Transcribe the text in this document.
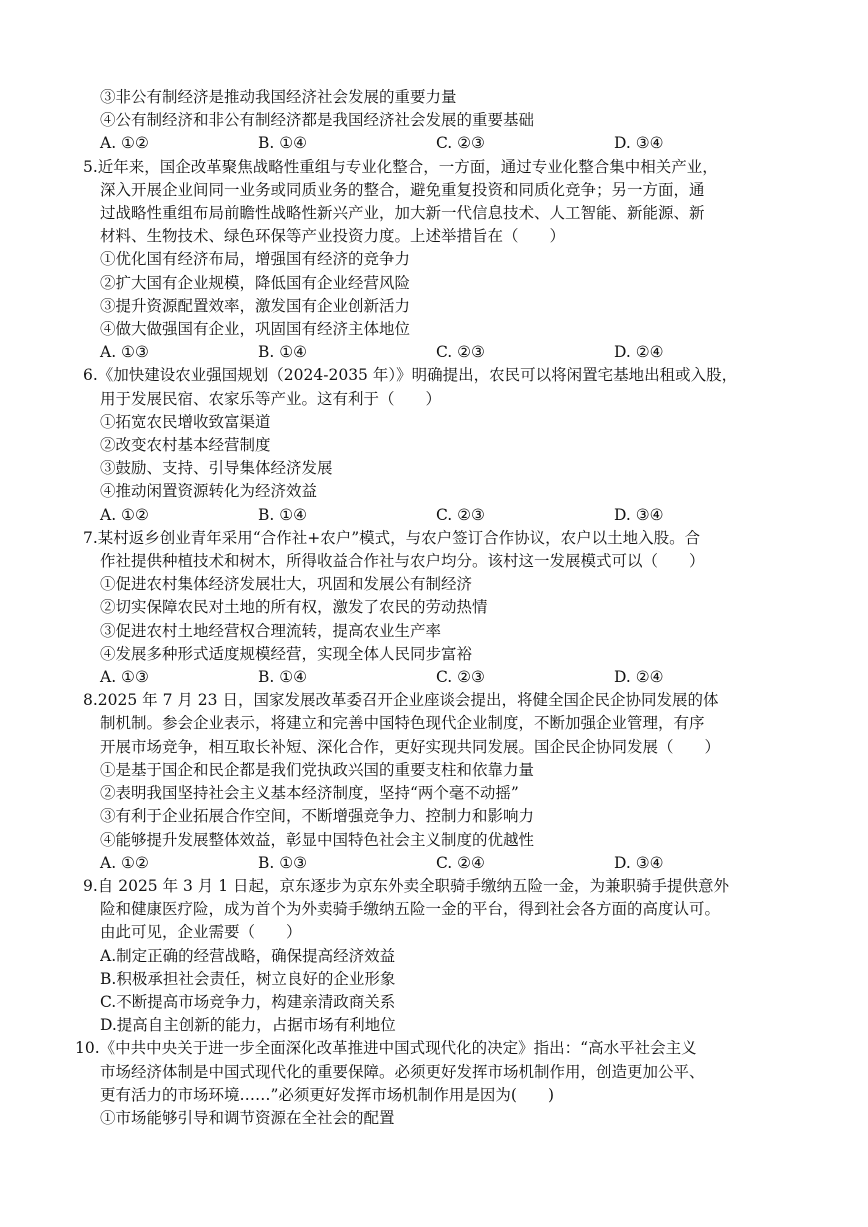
③非公有制经济是推动我国经济社会发展的重要力量
④公有制经济和非公有制经济都是我国经济社会发展的重要基础
A. ①②	B. ①④	C. ②③	D. ③④
5.近年来，国企改革聚焦战略性重组与专业化整合，一方面，通过专业化整合集中相关产业，
深入开展企业间同一业务或同质业务的整合，避免重复投资和同质化竞争；另一方面，通
过战略性重组布局前瞻性战略性新兴产业，加大新一代信息技术、人工智能、新能源、新
材料、生物技术、绿色环保等产业投资力度。上述举措旨在（　　）
①优化国有经济布局，增强国有经济的竞争力
②扩大国有企业规模，降低国有企业经营风险
③提升资源配置效率，激发国有企业创新活力
④做大做强国有企业，巩固国有经济主体地位
A. ①③	B. ①④	C. ②③	D. ②④
6.《加快建设农业强国规划（2024-2035 年）》明确提出，农民可以将闲置宅基地出租或入股，
用于发展民宿、农家乐等产业。这有利于（　　）
①拓宽农民增收致富渠道
②改变农村基本经营制度
③鼓励、支持、引导集体经济发展
④推动闲置资源转化为经济效益
A. ①②	B. ①④	C. ②③	D. ③④
7.某村返乡创业青年采用“合作社+农户”模式，与农户签订合作协议，农户以土地入股。合
作社提供种植技术和树木，所得收益合作社与农户均分。该村这一发展模式可以（　　）
①促进农村集体经济发展壮大，巩固和发展公有制经济
②切实保障农民对土地的所有权，激发了农民的劳动热情
③促进农村土地经营权合理流转，提高农业生产率
④发展多种形式适度规模经营，实现全体人民同步富裕
A. ①③	B. ①④	C. ②③	D. ②④
8.2025 年 7 月 23 日，国家发展改革委召开企业座谈会提出，将健全国企民企协同发展的体
制机制。参会企业表示，将建立和完善中国特色现代企业制度，不断加强企业管理，有序
开展市场竞争，相互取长补短、深化合作，更好实现共同发展。国企民企协同发展（　　）
①是基于国企和民企都是我们党执政兴国的重要支柱和依靠力量
②表明我国坚持社会主义基本经济制度，坚持“两个毫不动摇”
③有利于企业拓展合作空间，不断增强竞争力、控制力和影响力
④能够提升发展整体效益，彰显中国特色社会主义制度的优越性
A. ①②	B. ①③	C. ②④	D. ③④
9.自 2025 年 3 月 1 日起，京东逐步为京东外卖全职骑手缴纳五险一金，为兼职骑手提供意外
险和健康医疗险，成为首个为外卖骑手缴纳五险一金的平台，得到社会各方面的高度认可。
由此可见，企业需要（　　）
A.制定正确的经营战略，确保提高经济效益
B.积极承担社会责任，树立良好的企业形象
C.不断提高市场竞争力，构建亲清政商关系
D.提高自主创新的能力，占据市场有利地位
10.《中共中央关于进一步全面深化改革推进中国式现代化的决定》指出：“高水平社会主义
市场经济体制是中国式现代化的重要保障。必须更好发挥市场机制作用，创造更加公平、
更有活力的市场环境……”必须更好发挥市场机制作用是因为(　　)
①市场能够引导和调节资源在全社会的配置
